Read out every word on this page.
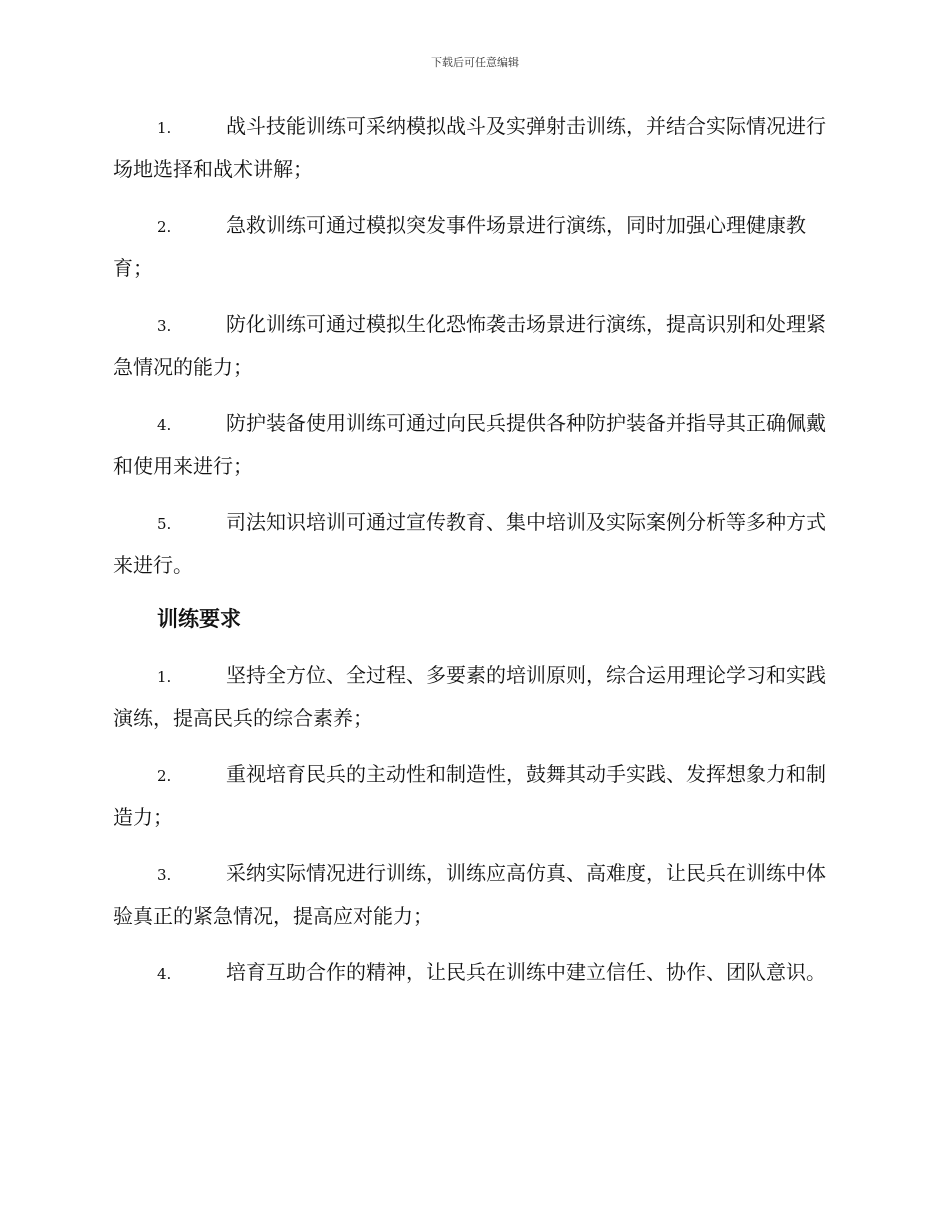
下载后可任意编辑

1.	战斗技能训练可采纳模拟战斗及实弹射击训练，并结合实际情况进行场地选择和战术讲解；

2.	急救训练可通过模拟突发事件场景进行演练，同时加强心理健康教育；

3.	防化训练可通过模拟生化恐怖袭击场景进行演练，提高识别和处理紧急情况的能力；

4.	防护装备使用训练可通过向民兵提供各种防护装备并指导其正确佩戴和使用来进行；

5.	司法知识培训可通过宣传教育、集中培训及实际案例分析等多种方式来进行。

训练要求

1.	坚持全方位、全过程、多要素的培训原则，综合运用理论学习和实践演练，提高民兵的综合素养；

2.	重视培育民兵的主动性和制造性，鼓舞其动手实践、发挥想象力和制造力；

3.	采纳实际情况进行训练，训练应高仿真、高难度，让民兵在训练中体验真正的紧急情况，提高应对能力；

4.	培育互助合作的精神，让民兵在训练中建立信任、协作、团队意识。
